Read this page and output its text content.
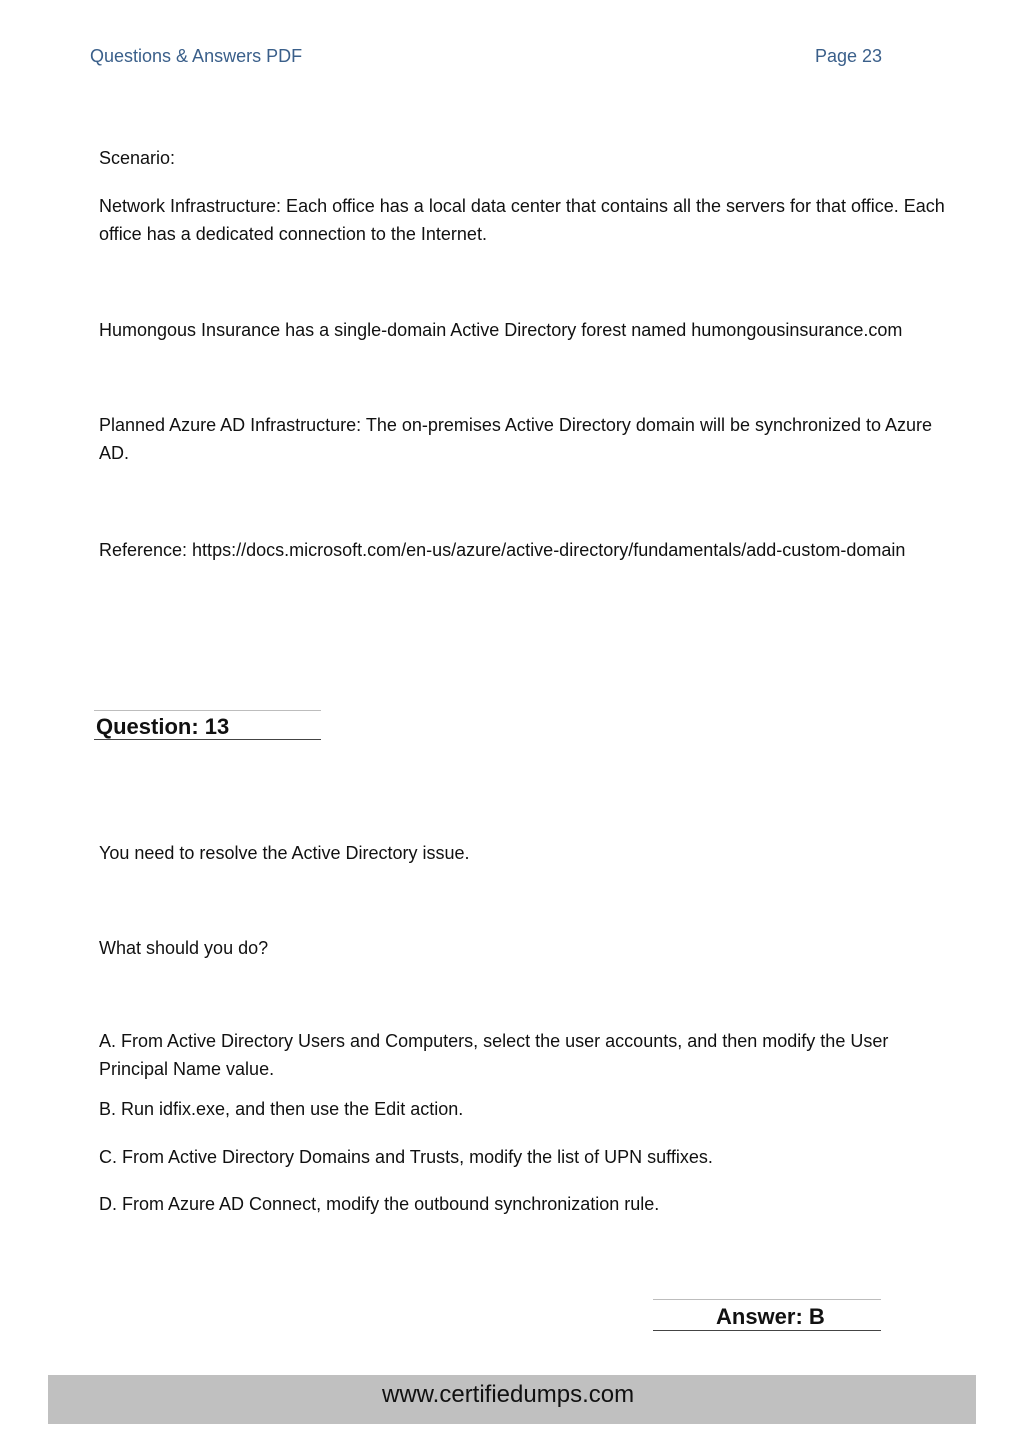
Questions & Answers PDF	Page 23
Scenario:
Network Infrastructure: Each office has a local data center that contains all the servers for that office. Each office has a dedicated connection to the Internet.
Humongous Insurance has a single-domain Active Directory forest named humongousinsurance.com
Planned Azure AD Infrastructure: The on-premises Active Directory domain will be synchronized to Azure AD.
Reference: https://docs.microsoft.com/en-us/azure/active-directory/fundamentals/add-custom-domain
Question: 13
You need to resolve the Active Directory issue.
What should you do?
A. From Active Directory Users and Computers, select the user accounts, and then modify the User Principal Name value.
B. Run idfix.exe, and then use the Edit action.
C. From Active Directory Domains and Trusts, modify the list of UPN suffixes.
D. From Azure AD Connect, modify the outbound synchronization rule.
Answer: B
www.certifiedumps.com
